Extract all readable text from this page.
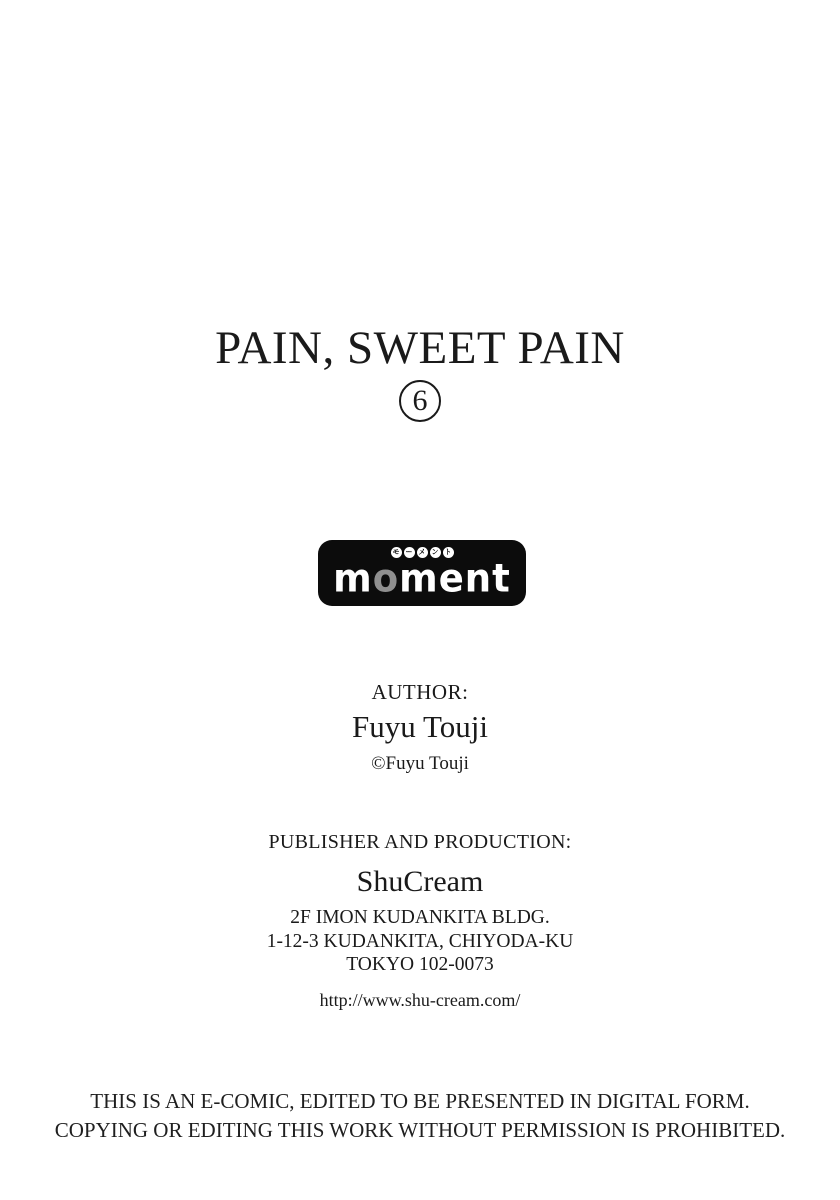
PAIN, SWEET PAIN
6
モ ー メ ン ト
moment
AUTHOR:
Fuyu Touji
©Fuyu Touji
PUBLISHER AND PRODUCTION:
ShuCream
2F IMON KUDANKITA BLDG.
1-12-3 KUDANKITA, CHIYODA-KU
TOKYO 102-0073
http://www.shu-cream.com/
THIS IS AN E-COMIC, EDITED TO BE PRESENTED IN DIGITAL FORM.
COPYING OR EDITING THIS WORK WITHOUT PERMISSION IS PROHIBITED.
